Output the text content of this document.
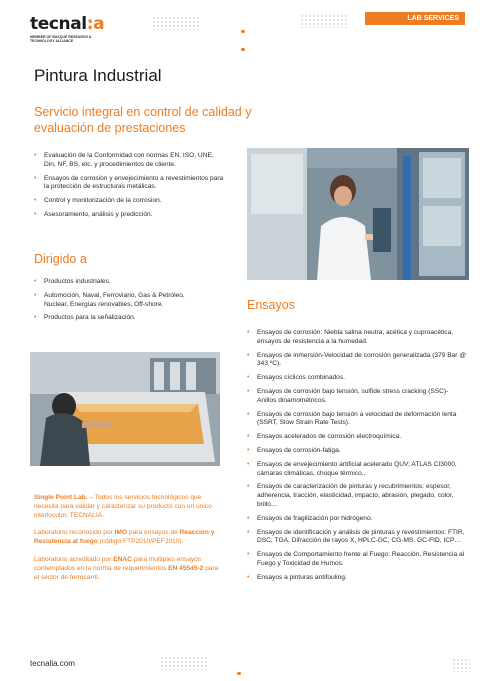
tecnal:a
MEMBER OF BASQUE RESEARCH & TECHNOLOGY ALLIANCE
LAB SERVICES
Pintura Industrial
Servicio integral en control de calidad y evaluación de prestaciones
• Evaluación de la Conformidad con normas EN, ISO, UNE, Din, NF, BS, etc. y procedimientos de cliente.
• Ensayos de corrosion y envejecimiento a revestimientos para la protección de estructuras metálicas.
• Control y monitorización de la corrosion.
• Asesoramiento, análisis y predicción.
Dirigido a
• Productos industriales.
• Automoción, Naval, Ferroviario, Gas & Petróleo, Nuclear, Energías renovables, Off-shore.
• Productos para la señalización.
Ensayos
• Ensayos de corrosión: Niebla salina neutra, acética y cuproacética, ensayos de resistencia a la humedad.
• Ensayos de inmersión-Velocidad de corrosión generalizada (379 Bar @ 343 ºC).
• Ensayos cíclicos combinados.
• Ensayos de corrosión bajo tensión, sulfide stress cracking (SSC)-Anillos dinamométricos.
• Ensayos de corrosión bajo tensión a velocidad de deformación lenta (SSRT, Slow Strain Rate Tests).
• Ensayos acelerados de corrosión electroquímica.
• Ensayos de corrosión-fatiga.
• Ensayos de envejecimiento artificial acelerado QUV; ATLAS CI3000, cámaras climáticas, choque térmico..
• Ensayos de caracterización de pinturas y recubrimientos: espesor, adherencia, tracción, elasticidad, impacto, abrasión, plegado, color, brillo…
• Ensayos de fragilización por hidrógeno.
• Ensayos de identificación y análisis de pinturas y revestimientos: FTIR, DSC, TGA, Difracción de rayos X, HPLC-GC, CG-MS, GC-FID, ICP…
• Ensayos de Comportamiento frente al Fuego: Reacción, Resistencia al Fuego y Toxicidad de Humos.
• Ensayos a pinturas antifouling.

Single Point Lab. – Todos los servicios tecnológicos que necesita para validar y caracterizar su producto con un único interlocutor, TECNALIA.

Laboratorio reconocido por IMO para ensayos de Reacción y Resistencia al fuego (código FTP2010/PEF2010).

Laboratorio acreditado por ENAC para multiples ensayos contemplados en la norma de requerimientos EN 45545-2 para el sector de ferrocarril.

tecnalia.com
